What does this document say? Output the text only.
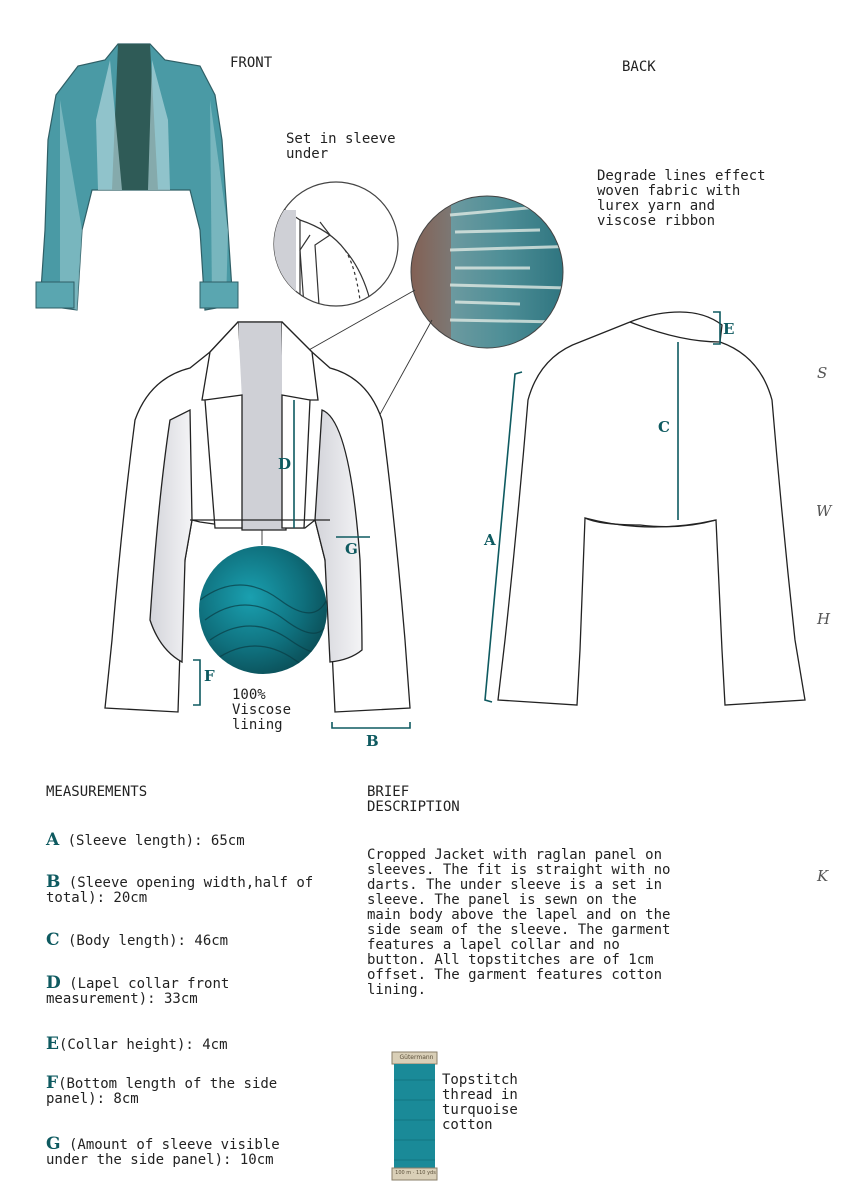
FRONT	BACK
Set in sleeve
under
Degrade lines effect
woven fabric with
lurex yarn and
viscose ribbon
100%
Viscose
lining
Topstitch
thread in
turquoise
cotton
A
B
C
D
E
F
G
S
W
H
K
MEASUREMENTS
A (Sleeve length): 65cm
B (Sleeve opening width,half of total): 20cm
C (Body length): 46cm
D (Lapel collar front measurement): 33cm
E(Collar height): 4cm
F(Bottom length of the side panel): 8cm
G (Amount of sleeve visible under the side panel): 10cm
BRIEF
DESCRIPTION
Cropped Jacket with raglan panel on sleeves. The fit is straight with no darts. The under sleeve is a set in sleeve. The panel is sewn on the main body above the lapel and on the side seam of the sleeve. The garment features a lapel collar and no button. All topstitches are of 1cm offset. The garment features cotton lining.
Gütermann
100 m · 110 yds
